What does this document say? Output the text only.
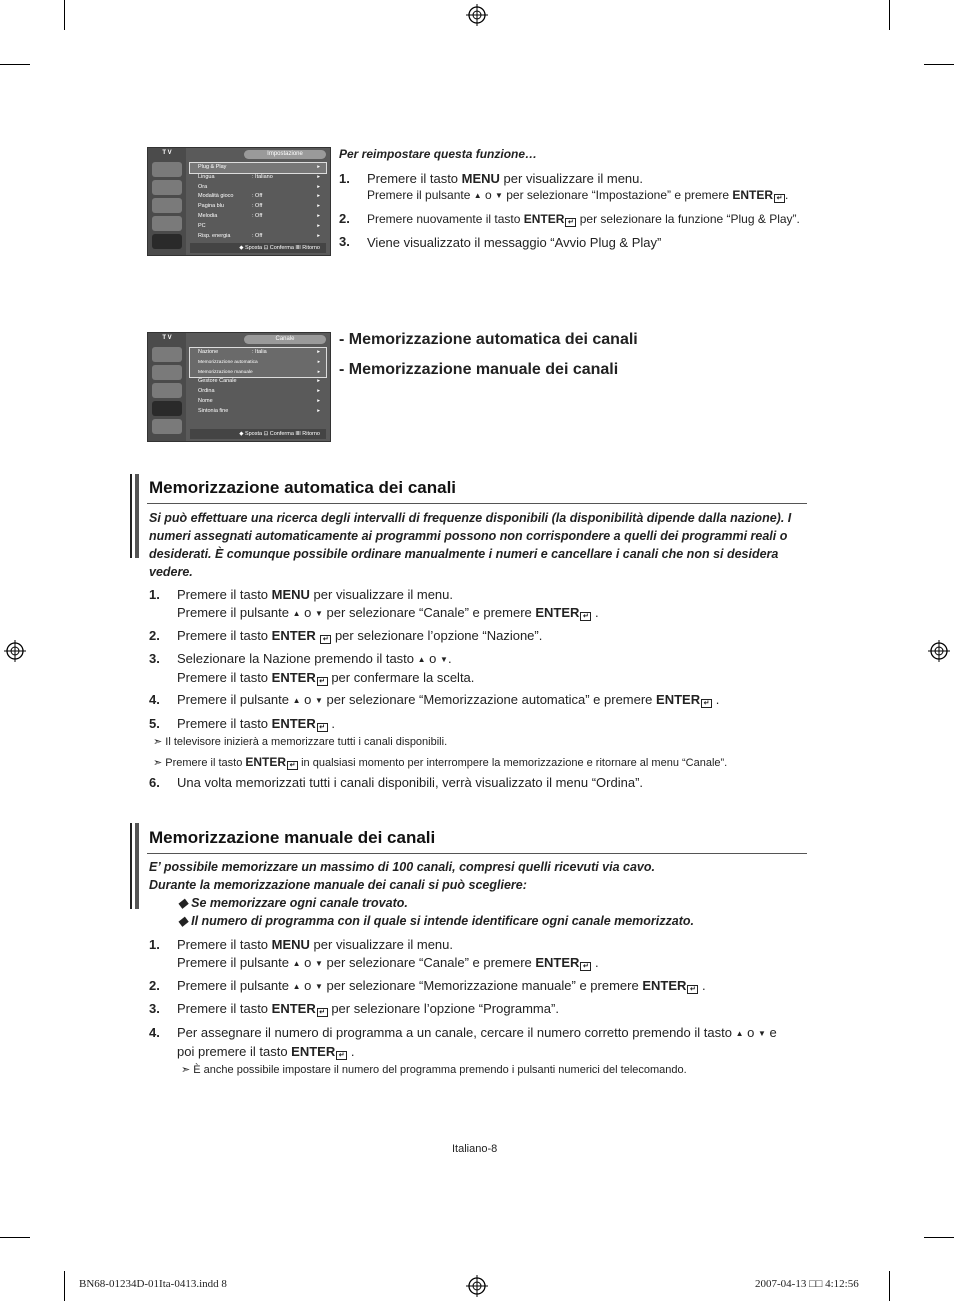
T V	Impostazione
Plug & Play	▸
Lingua	: Italiano	▸
Ora	▸
Modalità gioco	: Off	▸
Pagina blu	: Off	▸
Melodia	: Off	▸
PC	▸
Risp. energia	: Off	▸
◆ Sposta ⊡ Conferma ⅢI Ritorno
Per reimpostare questa funzione…
1. Premere il tasto MENU per visualizzare il menu.
Premere il pulsante ▲ o ▼ per selezionare “Impostazione” e premere ENTER ↵ .
2. Premere nuovamente il tasto ENTER ↵ per selezionare la funzione “Plug & Play”.
3. Viene visualizzato il messaggio “Avvio Plug & Play”
T V	Canale
Nazione	: Italia	▸
Memorizzazione automatica	▸
Memorizzazione manuale	▸
Gestore Canale	▸
Ordina	▸
Nome	▸
Sintonia fine	▸
◆ Sposta ⊡ Conferma ⅢI Ritorno
- Memorizzazione automatica dei canali
- Memorizzazione manuale dei canali
Memorizzazione automatica dei canali
Si può effettuare una ricerca degli intervalli di frequenze disponibili (la disponibilità dipende dalla nazione). I numeri assegnati automaticamente ai programmi possono non corrispondere a quelli dei programmi reali o desiderati. È comunque possibile ordinare manualmente i numeri e cancellare i canali che non si desidera vedere.
1. Premere il tasto MENU per visualizzare il menu.
Premere il pulsante ▲ o ▼ per selezionare “Canale” e premere ENTER ↵ .
2. Premere il tasto ENTER ↵ per selezionare l’opzione “Nazione”.
3. Selezionare la Nazione premendo il tasto ▲ o ▼.
Premere il tasto ENTER ↵ per confermare la scelta.
4. Premere il pulsante ▲ o ▼ per selezionare “Memorizzazione automatica” e premere ENTER ↵ .
5. Premere il tasto ENTER ↵ .
➣ Il televisore inizierà a memorizzare tutti i canali disponibili.
➣ Premere il tasto ENTER ↵ in qualsiasi momento per interrompere la memorizzazione e ritornare al menu “Canale”.
6. Una volta memorizzati tutti i canali disponibili, verrà visualizzato il menu “Ordina”.
Memorizzazione manuale dei canali
E’ possibile memorizzare un massimo di 100 canali, compresi quelli ricevuti via cavo.
Durante la memorizzazione manuale dei canali si può scegliere:
◆ Se memorizzare ogni canale trovato.
◆ Il numero di programma con il quale si intende identificare ogni canale memorizzato.
1. Premere il tasto MENU per visualizzare il menu.
Premere il pulsante ▲ o ▼ per selezionare “Canale” e premere ENTER ↵ .
2. Premere il pulsante ▲ o ▼ per selezionare “Memorizzazione manuale” e premere ENTER ↵ .
3. Premere il tasto ENTER ↵ per selezionare l’opzione “Programma”.
4. Per assegnare il numero di programma a un canale, cercare il numero corretto premendo il tasto ▲ o ▼ e
poi premere il tasto ENTER ↵ .
➣ È anche possibile impostare il numero del programma premendo i pulsanti numerici del telecomando.
Italiano-8
BN68-01234D-01Ita-0413.indd 8	2007-04-13 □□ 4:12:56
